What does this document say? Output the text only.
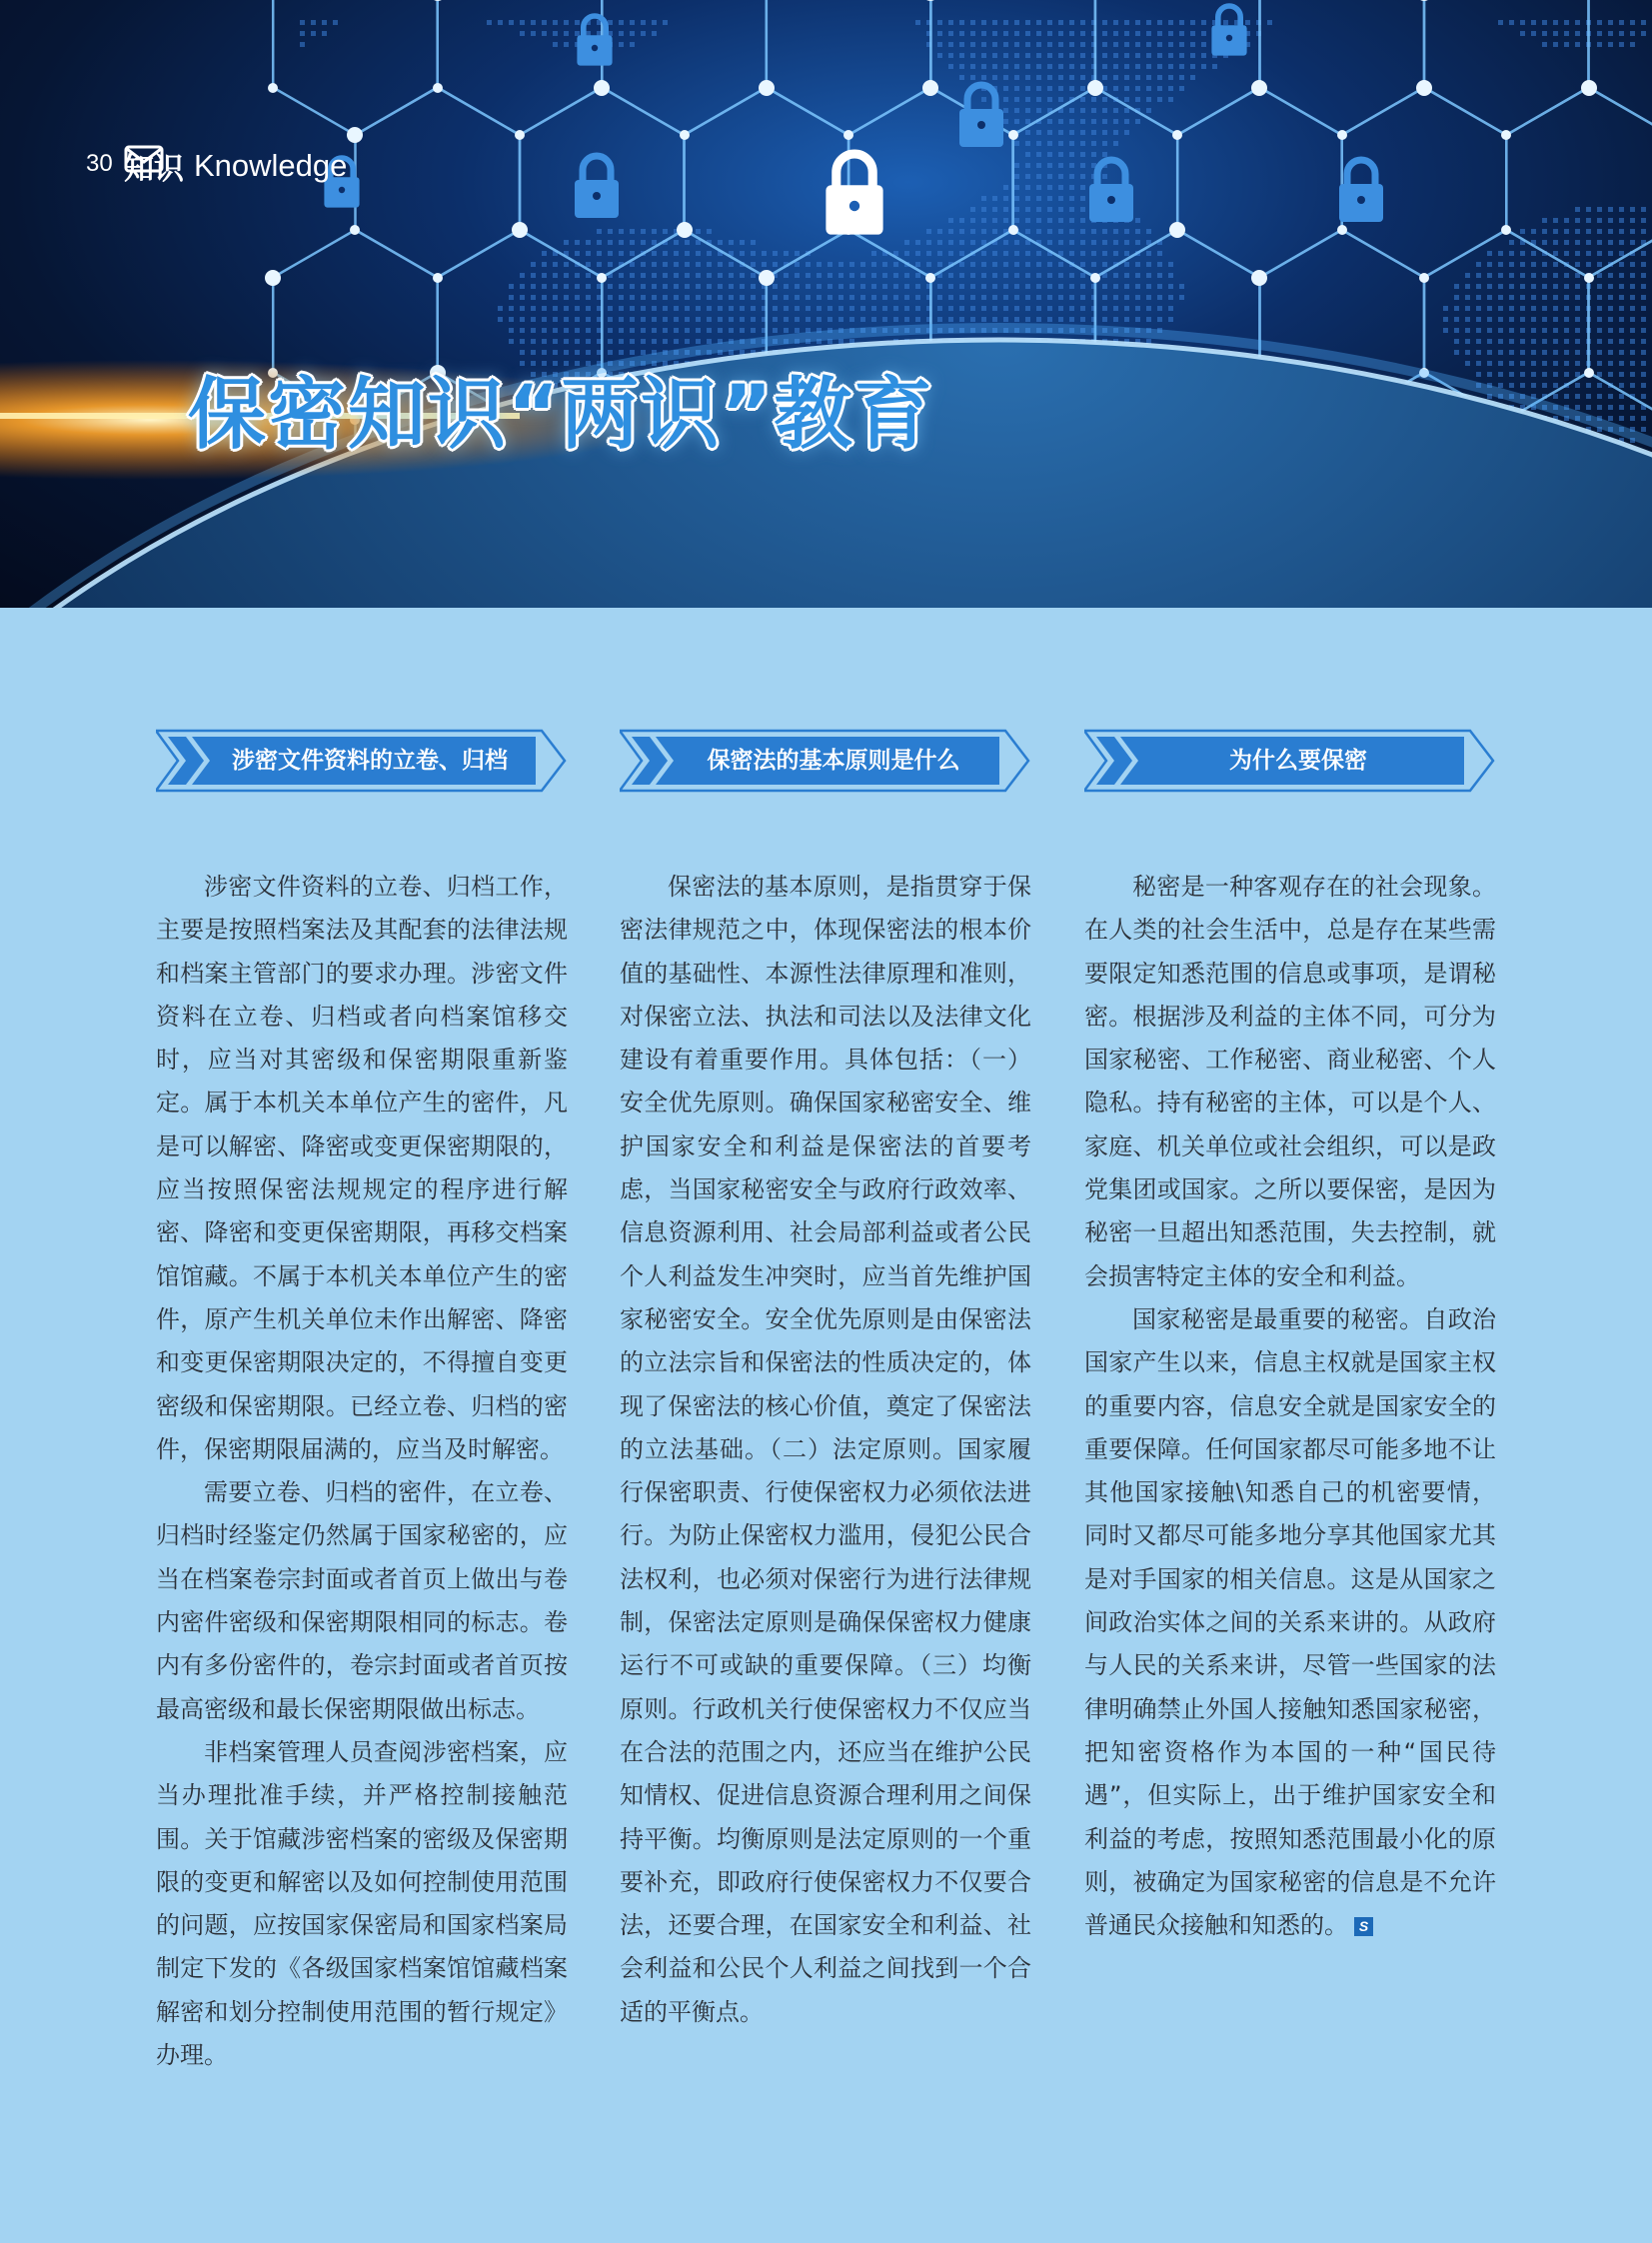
30 知识 Knowledge
保密知识“两识”教育
涉密文件资料的立卷、归档

涉密文件资料的立卷、归档工作，主要是按照档案法及其配套的法律法规和档案主管部门的要求办理。涉密文件资料在立卷、归档或者向档案馆移交时，应当对其密级和保密期限重新鉴定。属于本机关本单位产生的密件，凡是可以解密、降密或变更保密期限的，应当按照保密法规规定的程序进行解密、降密和变更保密期限，再移交档案馆馆藏。不属于本机关本单位产生的密件，原产生机关单位未作出解密、降密和变更保密期限决定的，不得擅自变更密级和保密期限。已经立卷、归档的密件，保密期限届满的，应当及时解密。

需要立卷、归档的密件，在立卷、归档时经鉴定仍然属于国家秘密的，应当在档案卷宗封面或者首页上做出与卷内密件密级和保密期限相同的标志。卷内有多份密件的，卷宗封面或者首页按最高密级和最长保密期限做出标志。

非档案管理人员查阅涉密档案，应当办理批准手续，并严格控制接触范围。关于馆藏涉密档案的密级及保密期限的变更和解密以及如何控制使用范围的问题，应按国家保密局和国家档案局制定下发的《各级国家档案馆馆藏档案解密和划分控制使用范围的暂行规定》办理。

保密法的基本原则是什么

保密法的基本原则，是指贯穿于保密法律规范之中，体现保密法的根本价值的基础性、本源性法律原理和准则，对保密立法、执法和司法以及法律文化建设有着重要作用。具体包括：（一）安全优先原则。确保国家秘密安全、维护国家安全和利益是保密法的首要考虑，当国家秘密安全与政府行政效率、信息资源利用、社会局部利益或者公民个人利益发生冲突时，应当首先维护国家秘密安全。安全优先原则是由保密法的立法宗旨和保密法的性质决定的，体现了保密法的核心价值，奠定了保密法的立法基础。（二）法定原则。国家履行保密职责、行使保密权力必须依法进行。为防止保密权力滥用，侵犯公民合法权利，也必须对保密行为进行法律规制，保密法定原则是确保保密权力健康运行不可或缺的重要保障。（三）均衡原则。行政机关行使保密权力不仅应当在合法的范围之内，还应当在维护公民知情权、促进信息资源合理利用之间保持平衡。均衡原则是法定原则的一个重要补充，即政府行使保密权力不仅要合法，还要合理，在国家安全和利益、社会利益和公民个人利益之间找到一个合适的平衡点。

为什么要保密

秘密是一种客观存在的社会现象。在人类的社会生活中，总是存在某些需要限定知悉范围的信息或事项，是谓秘密。根据涉及利益的主体不同，可分为国家秘密、工作秘密、商业秘密、个人隐私。持有秘密的主体，可以是个人、家庭、机关单位或社会组织，可以是政党集团或国家。之所以要保密，是因为秘密一旦超出知悉范围，失去控制，就会损害特定主体的安全和利益。

国家秘密是最重要的秘密。自政治国家产生以来，信息主权就是国家主权的重要内容，信息安全就是国家安全的重要保障。任何国家都尽可能多地不让其他国家接触\知悉自己的机密要情，同时又都尽可能多地分享其他国家尤其是对手国家的相关信息。这是从国家之间政治实体之间的关系来讲的。从政府与人民的关系来讲，尽管一些国家的法律明确禁止外国人接触知悉国家秘密，把知密资格作为本国的一种“国民待遇”，但实际上，出于维护国家安全和利益的考虑，按照知悉范围最小化的原则，被确定为国家秘密的信息是不允许普通民众接触和知悉的。 S
